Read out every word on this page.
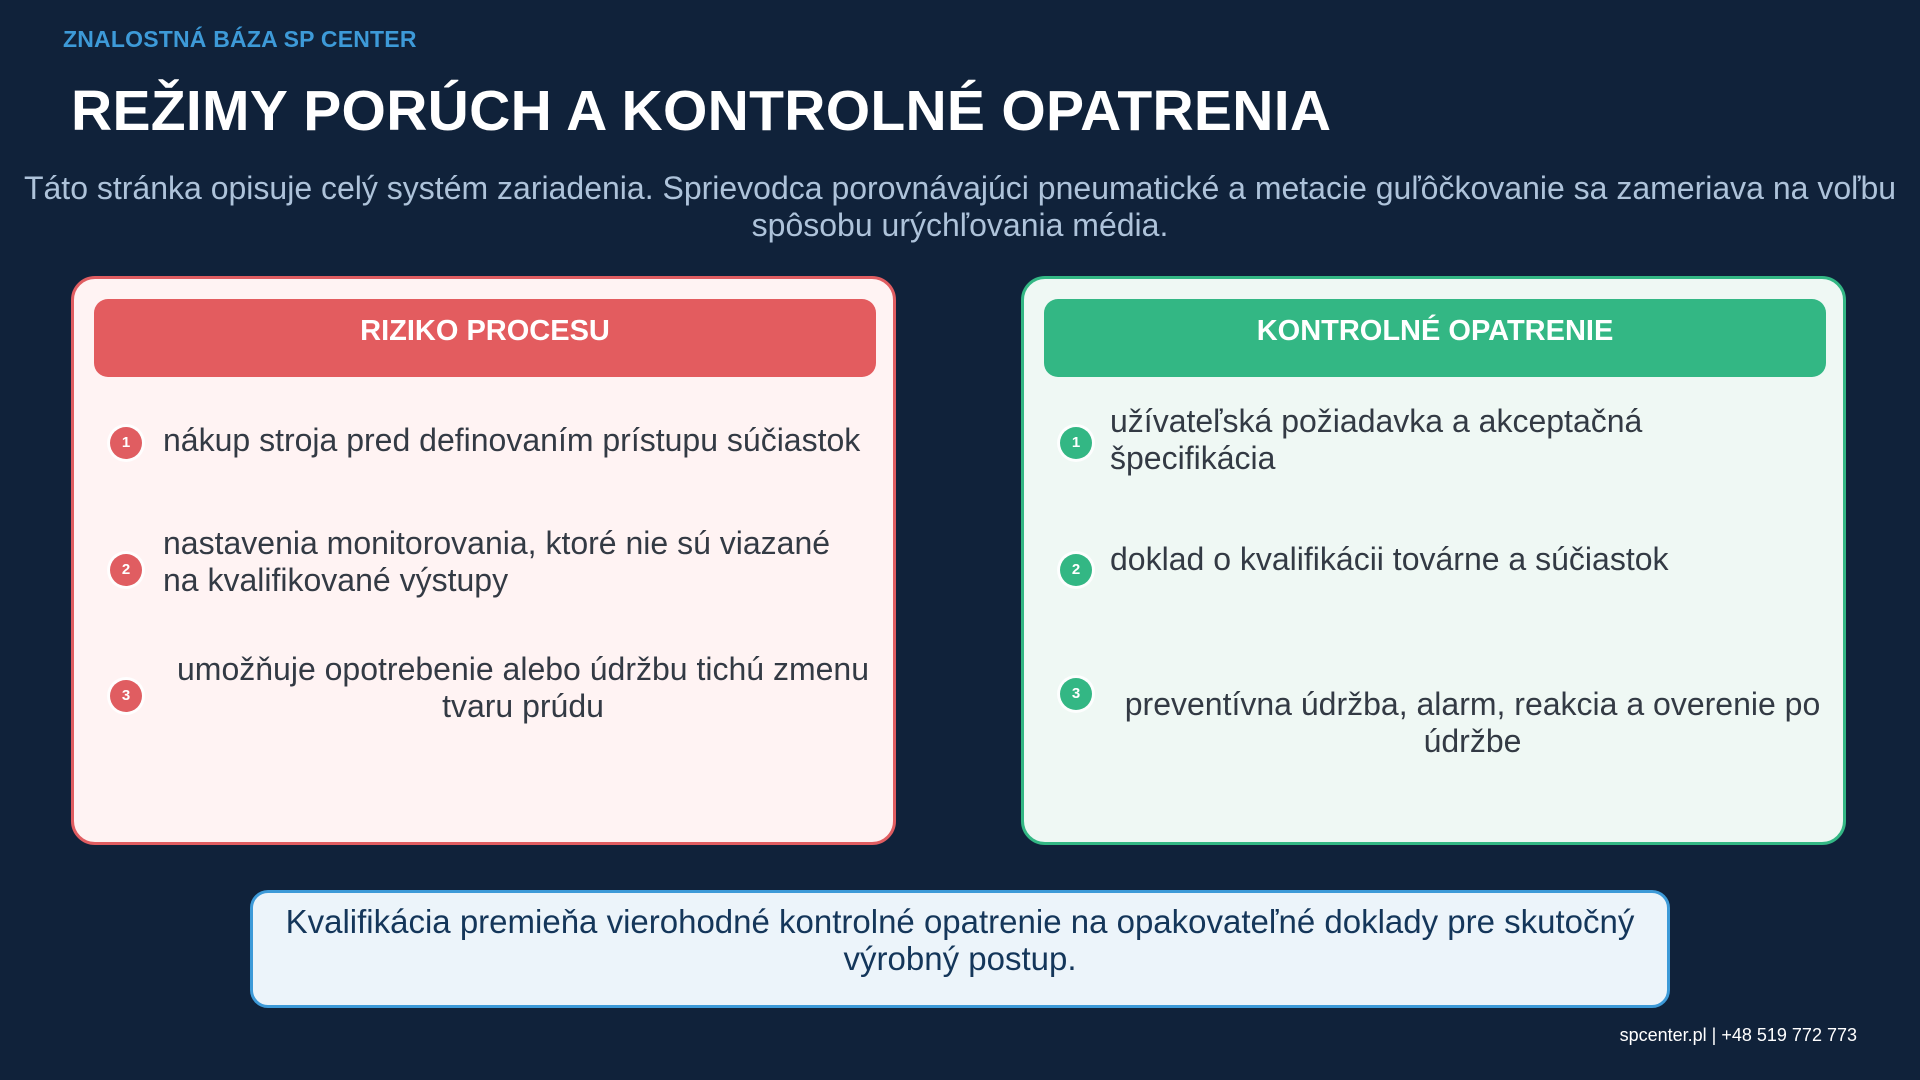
ZNALOSTNÁ BÁZA SP CENTER
REŽIMY PORÚCH A KONTROLNÉ OPATRENIA
Táto stránka opisuje celý systém zariadenia. Sprievodca porovnávajúci pneumatické a metacie guľôčkovanie sa zameriava na voľbu spôsobu urýchľovania média.
RIZIKO PROCESU
1	nákup stroja pred definovaním prístupu súčiastok
2
nastavenia monitorovania, ktoré nie sú viazané na kvalifikované výstupy
3
umožňuje opotrebenie alebo údržbu tichú zmenu tvaru prúdu
KONTROLNÉ OPATRENIE
1
užívateľská požiadavka a akceptačná špecifikácia
2 doklad o kvalifikácii továrne a súčiastok
3	preventívna údržba, alarm, reakcia a overenie po údržbe
Kvalifikácia premieňa vierohodné kontrolné opatrenie na opakovateľné doklady pre skutočný výrobný postup.
spcenter.pl | +48 519 772 773
